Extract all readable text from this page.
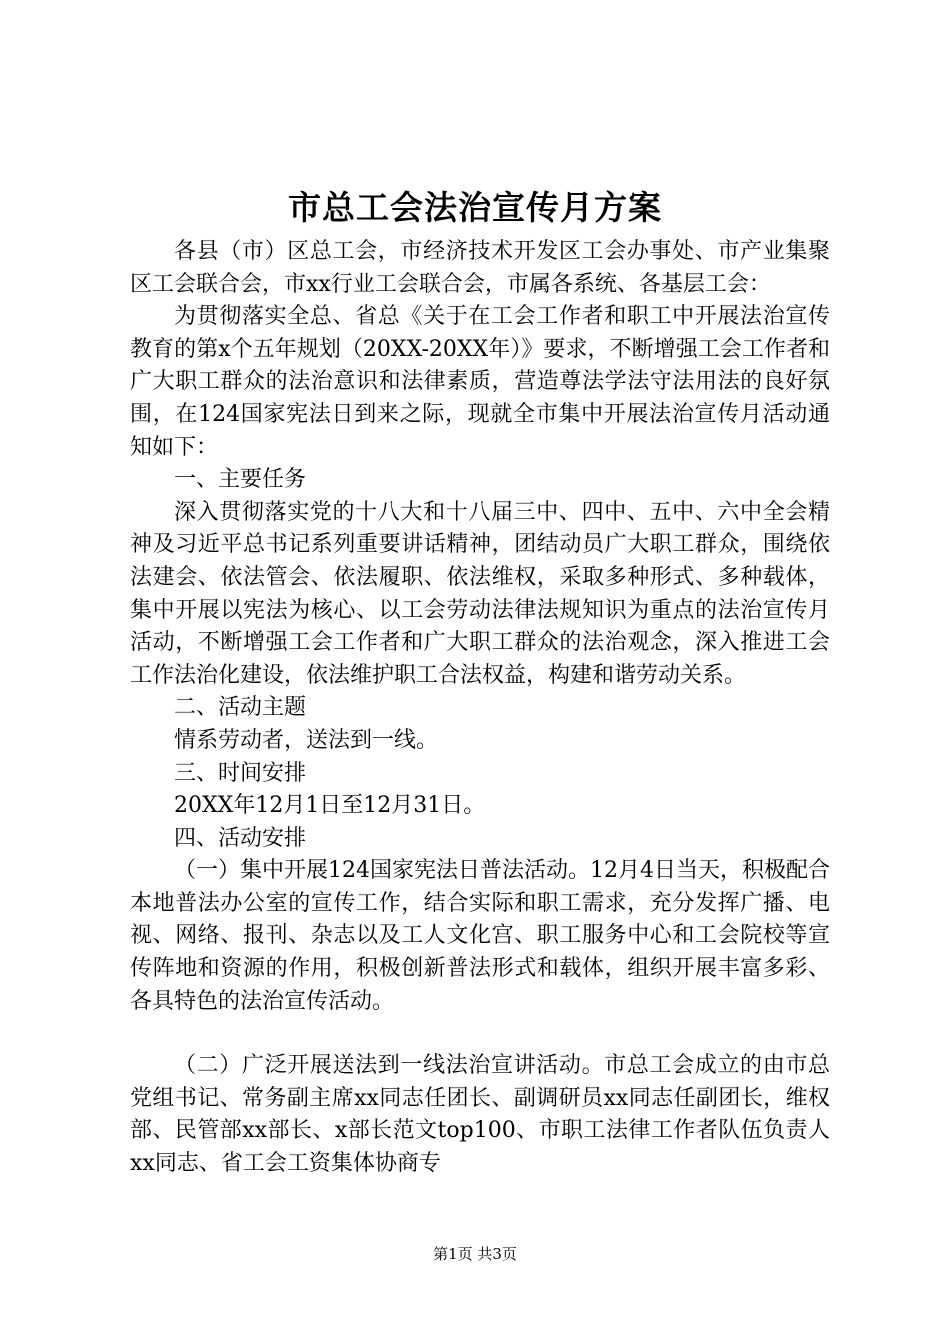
市总工会法治宣传月方案

各县（市）区总工会，市经济技术开发区工会办事处、市产业集聚区工会联合会，市xx行业工会联合会，市属各系统、各基层工会：

为贯彻落实全总、省总《关于在工会工作者和职工中开展法治宣传教育的第x个五年规划（20XX-20XX年）》要求，不断增强工会工作者和广大职工群众的法治意识和法律素质，营造尊法学法守法用法的良好氛围，在124国家宪法日到来之际，现就全市集中开展法治宣传月活动通知如下：

一、主要任务

深入贯彻落实党的十八大和十八届三中、四中、五中、六中全会精神及习近平总书记系列重要讲话精神，团结动员广大职工群众，围绕依法建会、依法管会、依法履职、依法维权，采取多种形式、多种载体，集中开展以宪法为核心、以工会劳动法律法规知识为重点的法治宣传月活动，不断增强工会工作者和广大职工群众的法治观念，深入推进工会工作法治化建设，依法维护职工合法权益，构建和谐劳动关系。

二、活动主题

情系劳动者，送法到一线。

三、时间安排

20XX年12月1日至12月31日。

四、活动安排

（一）集中开展124国家宪法日普法活动。12月4日当天，积极配合本地普法办公室的宣传工作，结合实际和职工需求，充分发挥广播、电视、网络、报刊、杂志以及工人文化宫、职工服务中心和工会院校等宣传阵地和资源的作用，积极创新普法形式和载体，组织开展丰富多彩、各具特色的法治宣传活动。

（二）广泛开展送法到一线法治宣讲活动。市总工会成立的由市总党组书记、常务副主席xx同志任团长、副调研员xx同志任副团长，维权部、民管部xx部长、x部长范文top100、市职工法律工作者队伍负责人xx同志、省工会工资集体协商专

第1页 共3页
